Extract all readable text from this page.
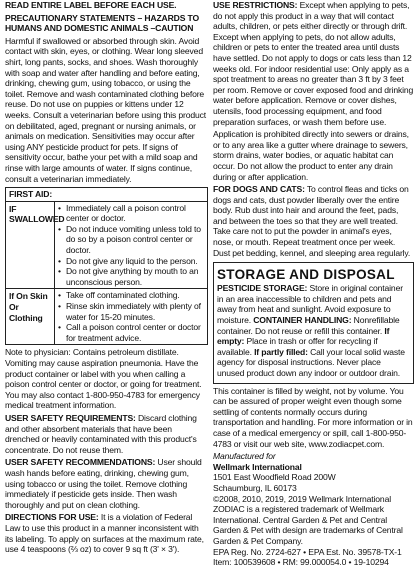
READ ENTIRE LABEL BEFORE EACH USE.

PRECAUTIONARY STATEMENTS – HAZARDS TO HUMANS AND DOMESTIC ANIMALS –CAUTION

Harmful if swallowed or absorbed through skin. Avoid contact with skin, eyes, or clothing. Wear long sleeved shirt, long pants, socks, and shoes. Wash thoroughly with soap and water after handling and before eating, drinking, chewing gum, using tobacco, or using the toilet. Remove and wash contaminated clothing before reuse. Do not use on puppies or kittens under 12 weeks. Consult a veterinarian before using this product on debilitated, aged, pregnant or nursing animals, or animals on medication. Sensitivities may occur after using ANY pesticide product for pets. If signs of sensitivity occur, bathe your pet with a mild soap and rinse with large amounts of water. If signs continue, consult a veterinarian immediately.

FIRST AID:
IF SWALLOWED
• Immediately call a poison control center or doctor.
• Do not induce vomiting unless told to do so by a poison control center or doctor.
• Do not give any liquid to the person.
• Do not give anything by mouth to an unconscious person.
If On Skin Or Clothing
• Take off contaminated clothing.
• Rinse skin immediately with plenty of water for 15-20 minutes.
• Call a poison control center or doctor for treatment advice.

Note to physician: Contains petroleum distillate. Vomiting may cause aspiration pneumonia. Have the product container or label with you when calling a poison control center or doctor, or going for treatment. You may also contact 1-800-950-4783 for emergency medical treatment information.

USER SAFETY REQUIREMENTS: Discard clothing and other absorbent materials that have been drenched or heavily contaminated with this product's concentrate. Do not reuse them.

USER SAFETY RECOMMENDATIONS: User should wash hands before eating, drinking, chewing gum, using tobacco or using the toilet. Remove clothing immediately if pesticide gets inside. Then wash thoroughly and put on clean clothing.

DIRECTIONS FOR USE: It is a violation of Federal Law to use this product in a manner inconsistent with its labeling. To apply on surfaces at the maximum rate, use 4 teaspoons (⅔ oz) to cover 9 sq ft (3' × 3').

USE RESTRICTIONS: Except when applying to pets, do not apply this product in a way that will contact adults, children, or pets either directly or through drift. Except when applying to pets, do not allow adults, children or pets to enter the treated area until dusts have settled. Do not apply to dogs or cats less than 12 weeks old. For indoor residential use: Only apply as a spot treatment to areas no greater than 3 ft by 3 feet per room. Remove or cover exposed food and drinking water before application. Remove or cover dishes, utensils, food processing equipment, and food preparation surfaces, or wash them before use.

Application is prohibited directly into sewers or drains, or to any area like a gutter where drainage to sewers, storm drains, water bodies, or aquatic habitat can occur. Do not allow the product to enter any drain during or after application.

FOR DOGS AND CATS: To control fleas and ticks on dogs and cats, dust powder liberally over the entire body. Rub dust into hair and around the feet, pads, and between the toes so that they are well treated. Take care not to put the powder in animal's eyes, nose, or mouth. Repeat treatment once per week. Dust pet bedding, kennel, and sleeping area regularly.

STORAGE AND DISPOSAL

PESTICIDE STORAGE: Store in original container in an area inaccessible to children and pets and away from heat and sunlight. Avoid exposure to moisture. CONTAINER HANDLING: Nonrefillable container. Do not reuse or refill this container. If empty: Place in trash or offer for recycling if available. If partly filled: Call your local solid waste agency for disposal instructions. Never place unused product down any indoor or outdoor drain.

This container is filled by weight, not by volume. You can be assured of proper weight even though some settling of contents normally occurs during transportation and handling. For more information or in case of a medical emergency or spill, call 1-800-950-4783 or visit our web site, www.zodiacpet.com.

Manufactured for
Wellmark International
1501 East Woodfield Road 200W
Schaumburg, IL 60173
©2008, 2010, 2019, 2019 Wellmark International
ZODIAC is a registered trademark of Wellmark International. Central Garden & Pet and Central Garden & Pet with design are trademarks of Central Garden & Pet Company.
EPA Reg. No. 2724-627 • EPA Est. No. 39578-TX-1
Item: 100539608 • RM: 99.000054.0 • 19-10294
